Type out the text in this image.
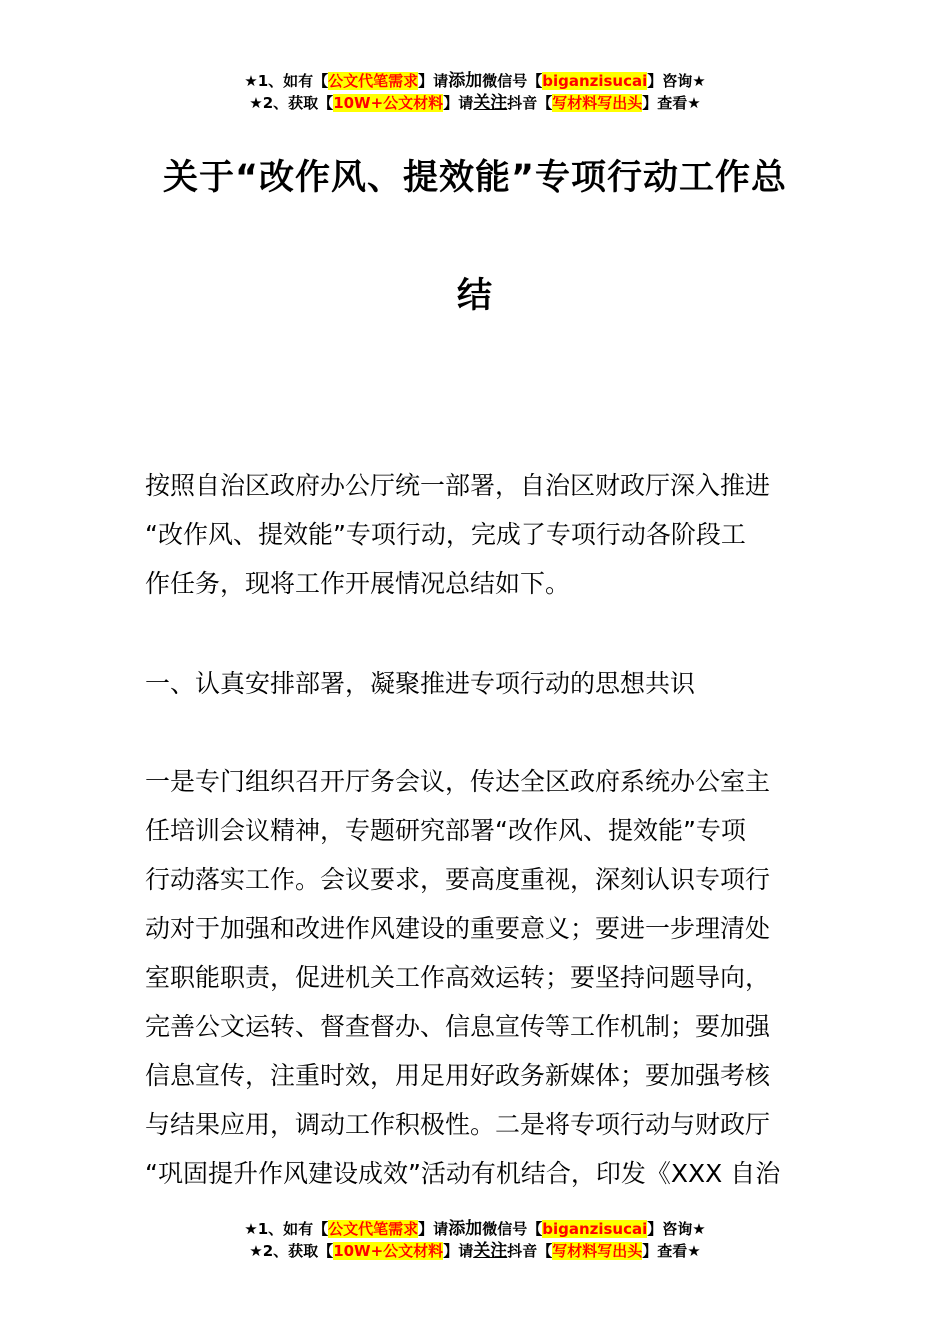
★1、如有【公文代笔需求】请添加微信号【biganzisucai】咨询★
★2、获取【10W+公文材料】请关注抖音【写材料写出头】查看★
关于“改作风、提效能”专项行动工作总
结

按照自治区政府办公厅统一部署，自治区财政厅深入推进

“改作风、提效能”专项行动，完成了专项行动各阶段工

作任务，现将工作开展情况总结如下。

一、认真安排部署，凝聚推进专项行动的思想共识

一是专门组织召开厅务会议，传达全区政府系统办公室主

任培训会议精神，专题研究部署“改作风、提效能”专项

行动落实工作。会议要求，要高度重视，深刻认识专项行

动对于加强和改进作风建设的重要意义；要进一步理清处

室职能职责，促进机关工作高效运转；要坚持问题导向，

完善公文运转、督查督办、信息宣传等工作机制；要加强

信息宣传，注重时效，用足用好政务新媒体；要加强考核

与结果应用，调动工作积极性。二是将专项行动与财政厅

“巩固提升作风建设成效”活动有机结合，印发《XXX 自治

★1、如有【公文代笔需求】请添加微信号【biganzisucai】咨询★
★2、获取【10W+公文材料】请关注抖音【写材料写出头】查看★
